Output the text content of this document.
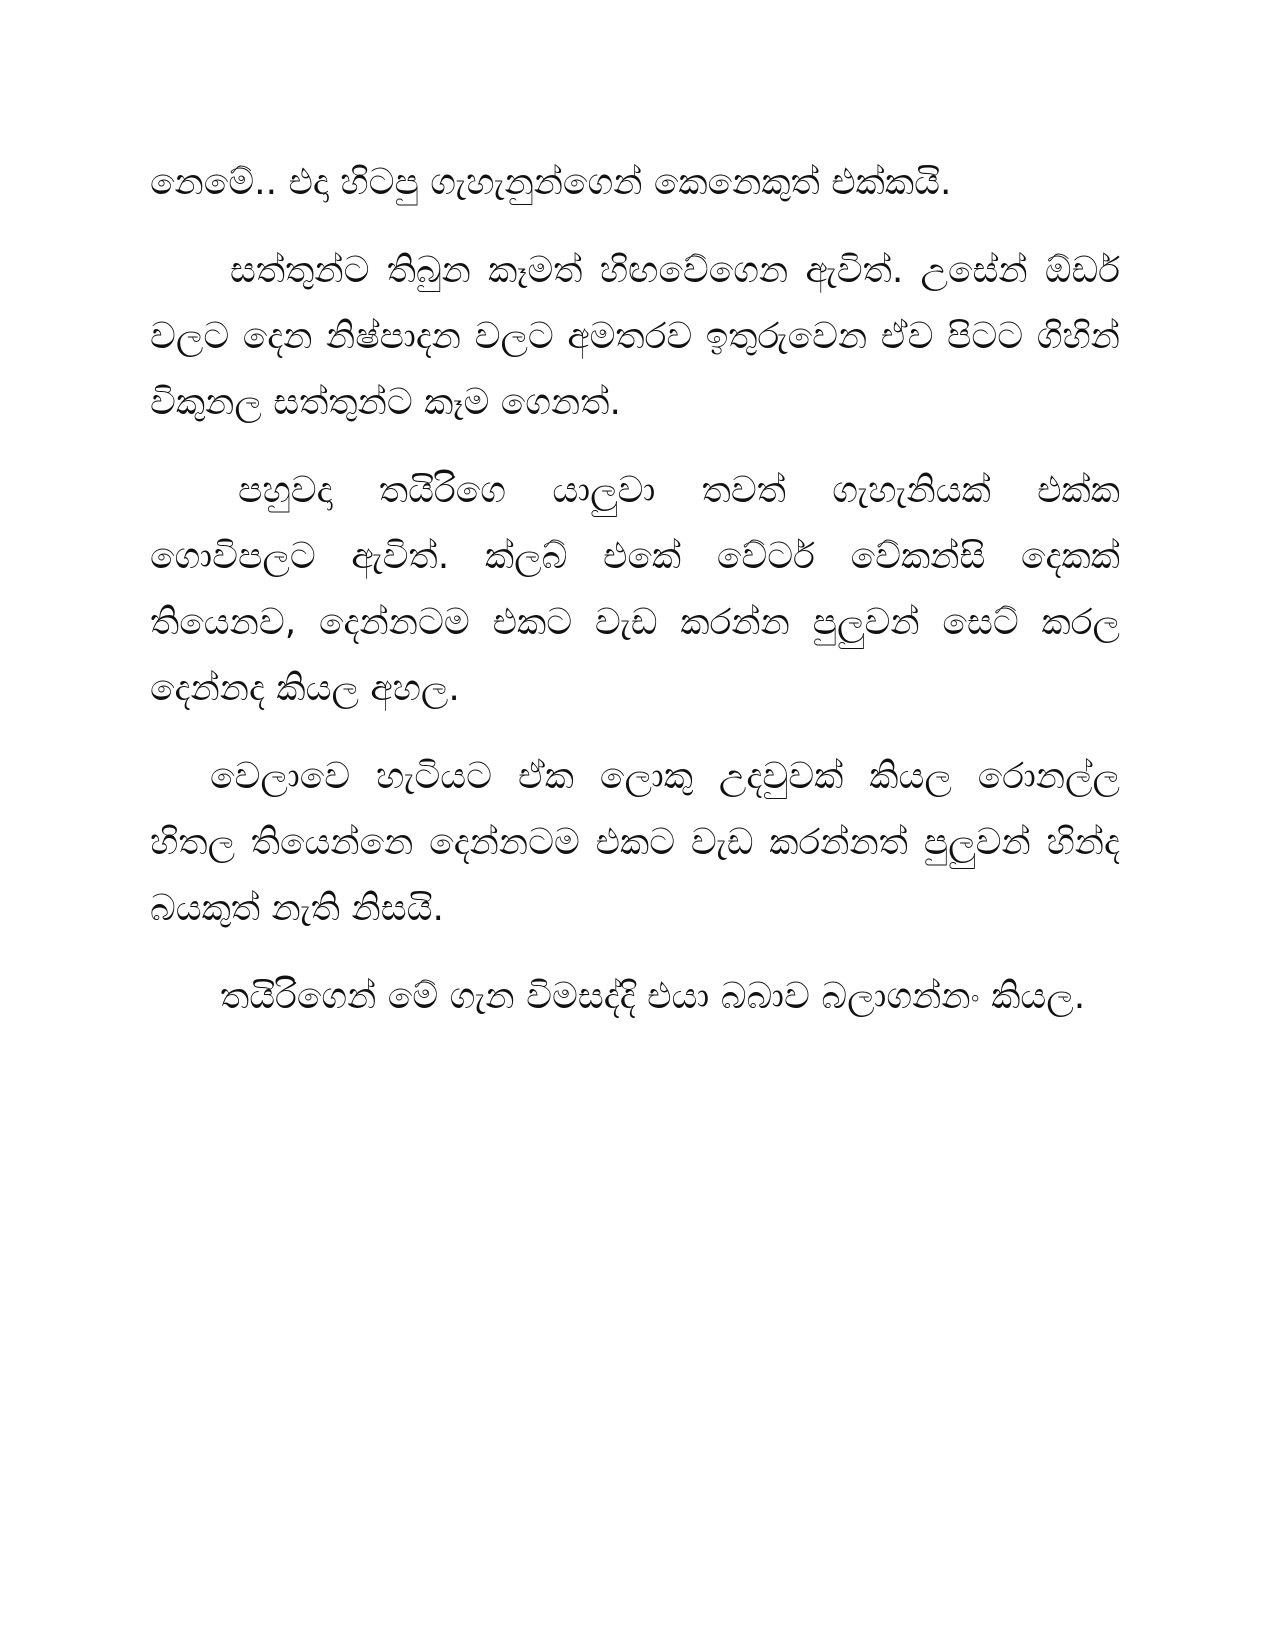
නෙමේ.. එදා හිටපු ගැහැනුන්ගෙන් කෙනෙකුත් එක්කයි.

සත්තුන්ට තිබුන කෑමත් හිඟවේගෙන ඇවිත්. උසේන් ඕඩර් වලට දෙන නිෂ්පාදන වලට අමතරව ඉතුරුවෙන ඒව පිටට ගිහින් විකුනල සත්තුන්ට කෑම ගෙනත්.

පහුවදා තයිරිගෙ යාලුවා තවත් ගැහැනියක් එක්ක ගොවිපලට ඇවිත්. ක්ලබ් එකේ වේටර් වේකන්සි දෙකක් තියෙනව, දෙන්නටම එකට වැඩ කරන්න පුලුවන් සෙට් කරල දෙන්නද කියල අහල.

වෙලාවෙ හැටියට ඒක ලොකු උදවුවක් කියල රොනල්ල හිතල තියෙන්නෙ දෙන්නටම එකට වැඩ කරන්නත් පුලුවන් හින්ද බයකුත් නැති නිසයි.

තයිරිගෙන් මේ ගැන විමසද්දි එයා බබාව බලාගන්නං කියල.
